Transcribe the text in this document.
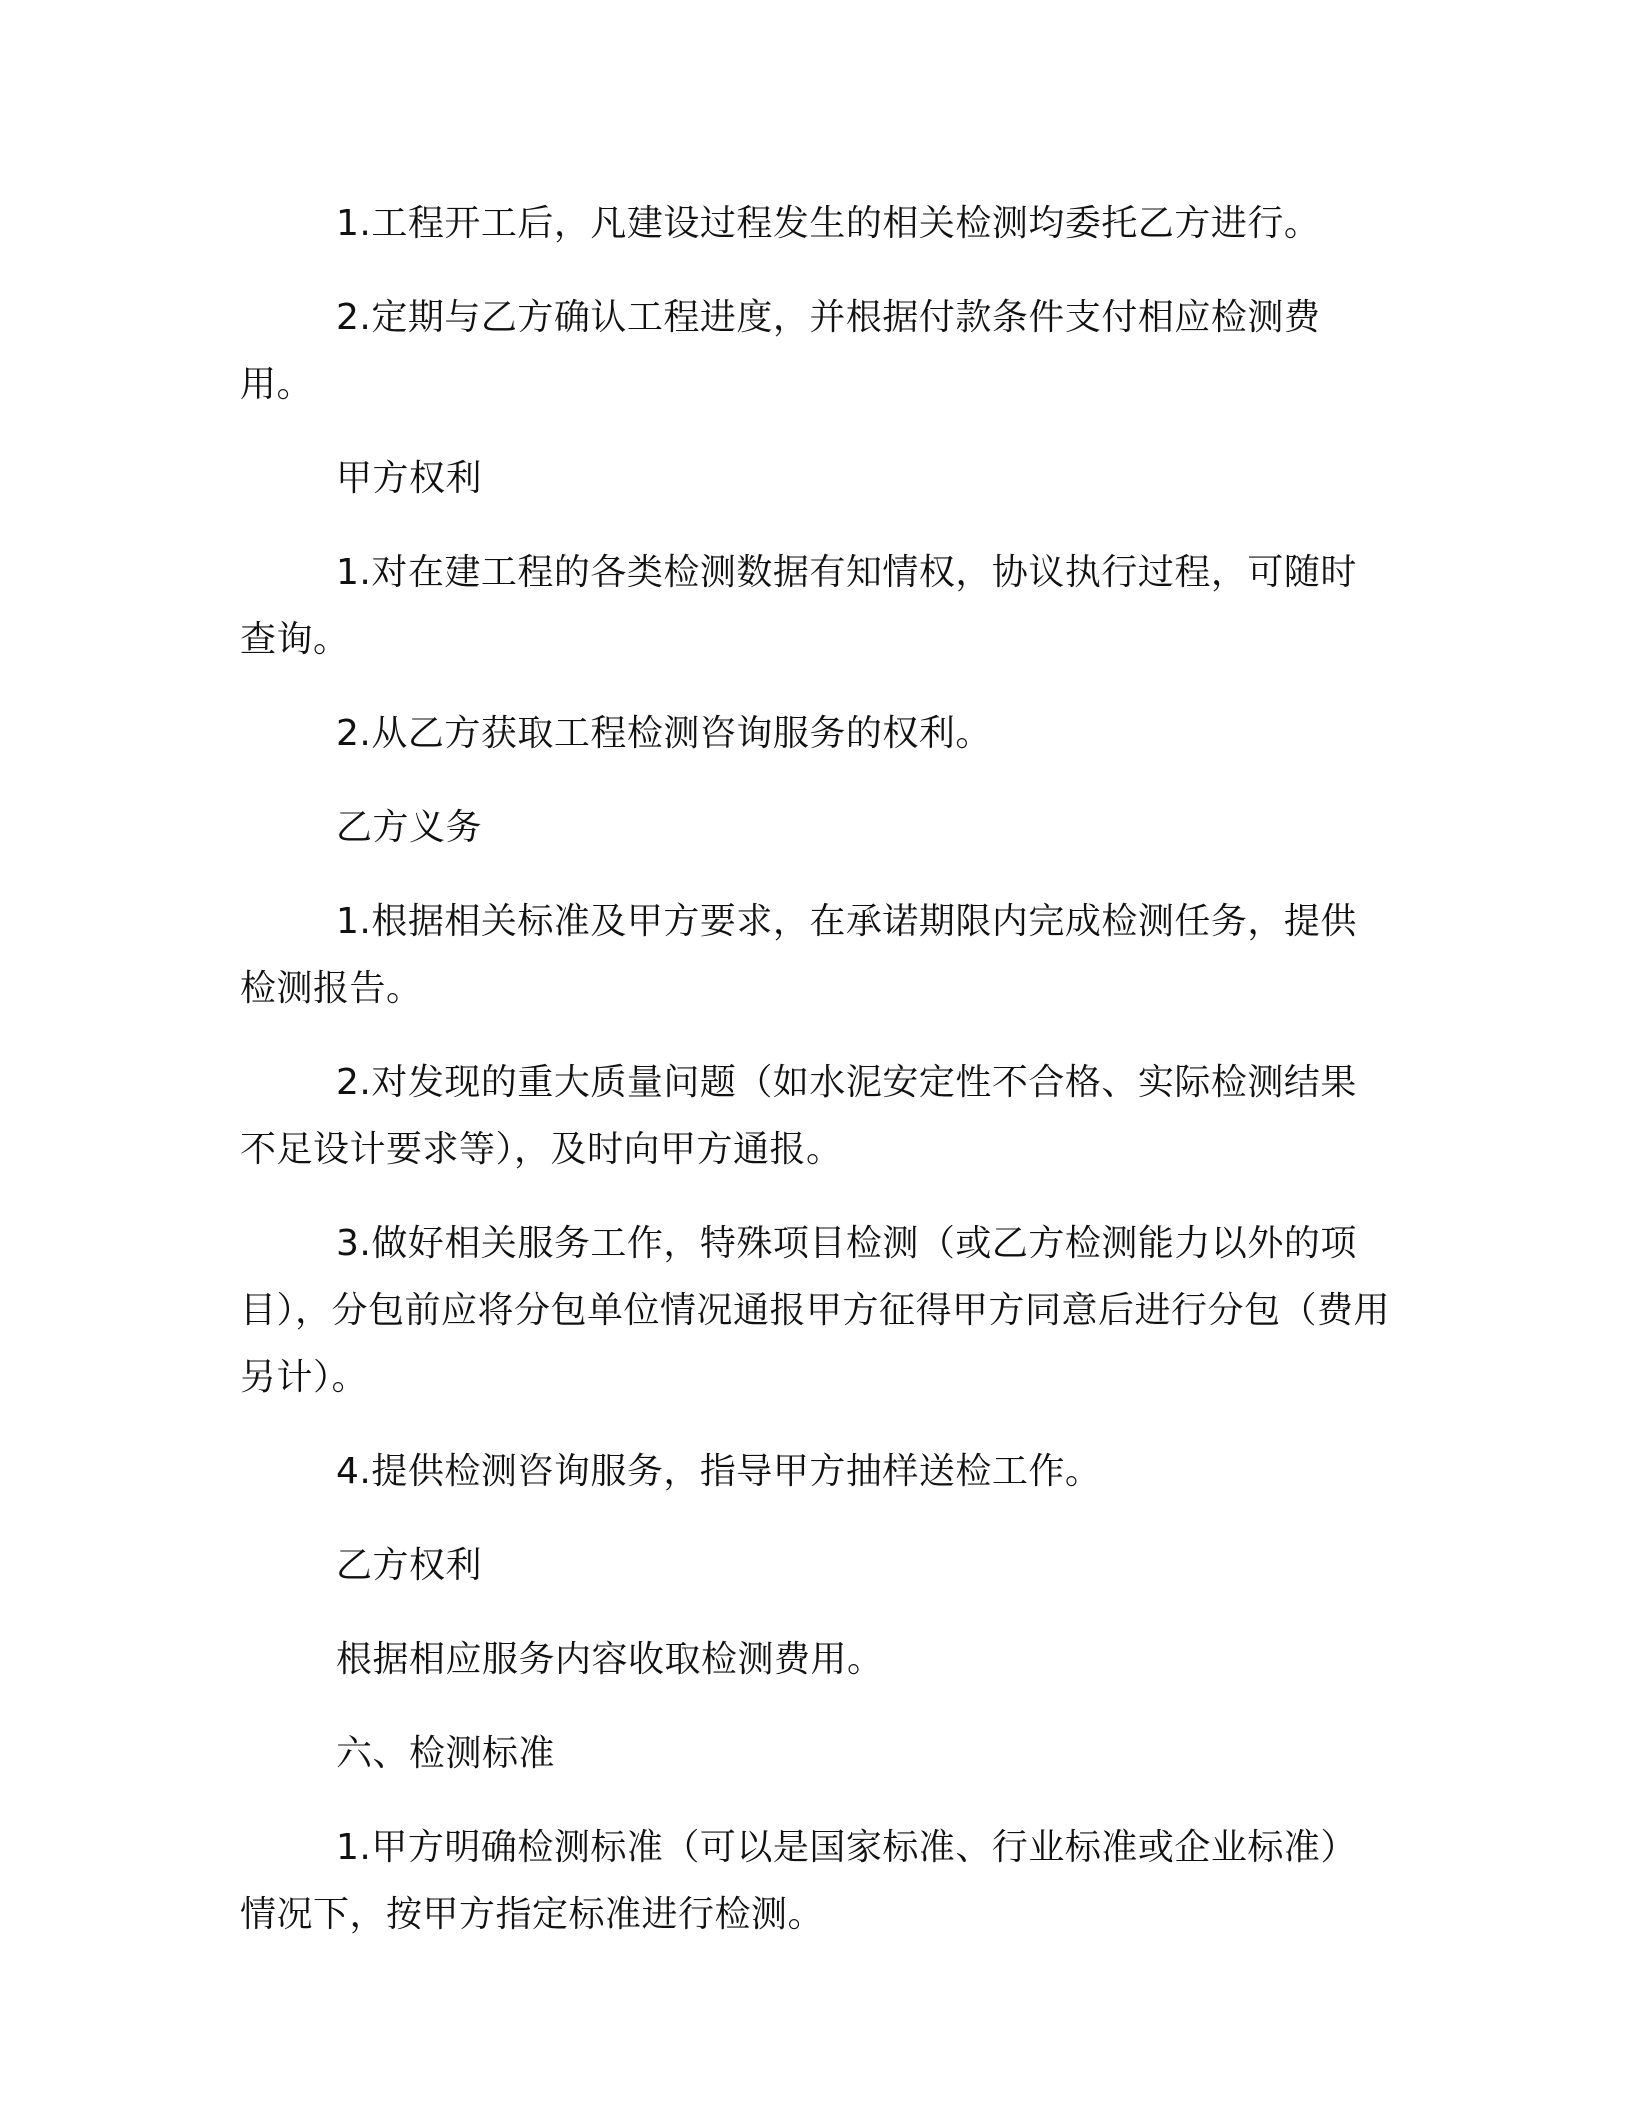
1.工程开工后，凡建设过程发生的相关检测均委托乙方进行。

2.定期与乙方确认工程进度，并根据付款条件支付相应检测费用。

甲方权利

1.对在建工程的各类检测数据有知情权，协议执行过程，可随时查询。

2.从乙方获取工程检测咨询服务的权利。

乙方义务

1.根据相关标准及甲方要求，在承诺期限内完成检测任务，提供检测报告。

2.对发现的重大质量问题（如水泥安定性不合格、实际检测结果不足设计要求等），及时向甲方通报。

3.做好相关服务工作，特殊项目检测（或乙方检测能力以外的项目），分包前应将分包单位情况通报甲方征得甲方同意后进行分包（费用另计）。

4.提供检测咨询服务，指导甲方抽样送检工作。

乙方权利

根据相应服务内容收取检测费用。

六、检测标准

1.甲方明确检测标准（可以是国家标准、行业标准或企业标准）情况下，按甲方指定标准进行检测。
